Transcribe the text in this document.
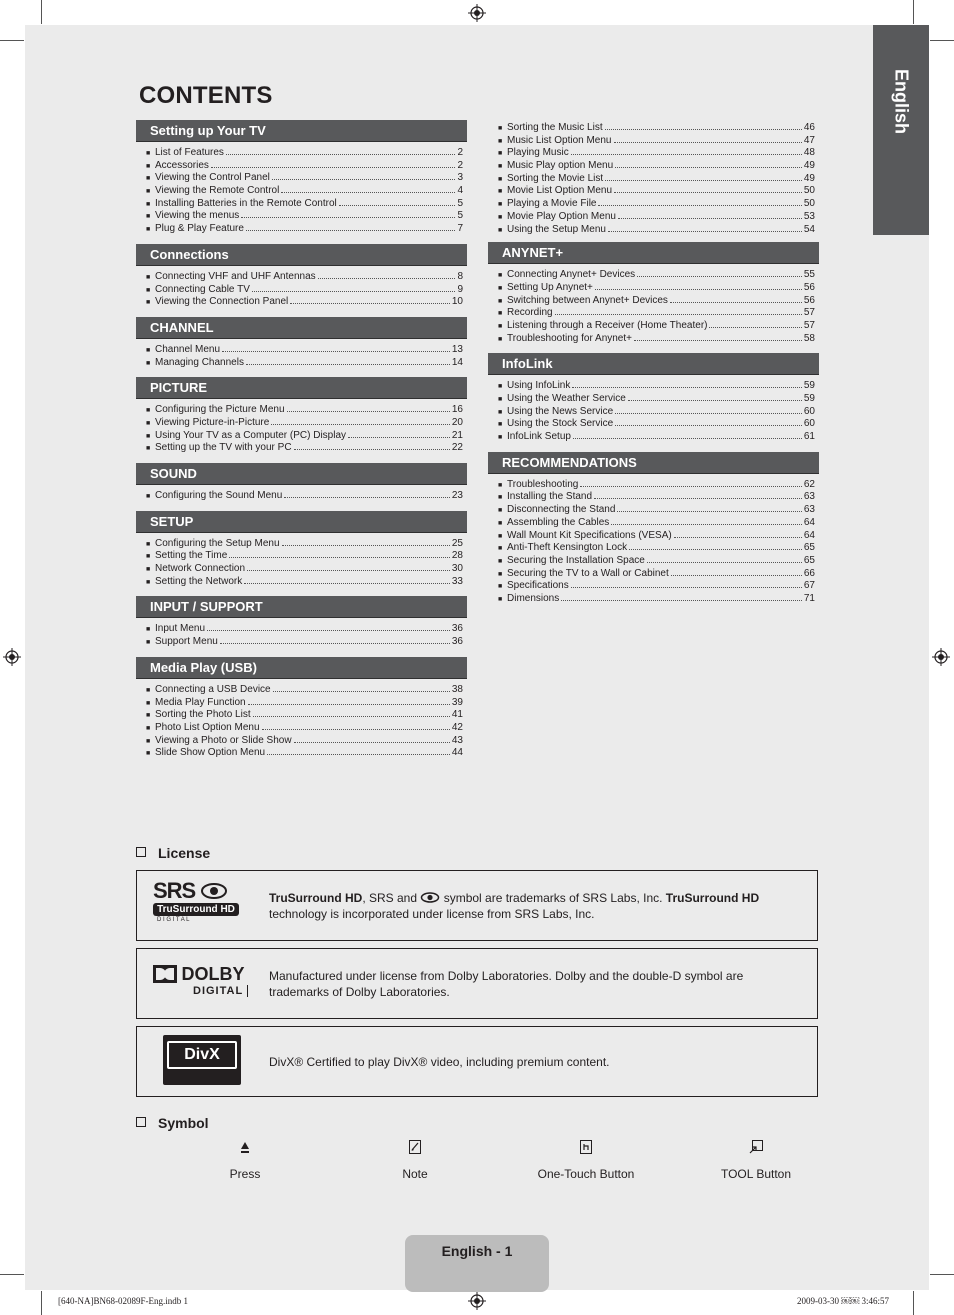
English
CONTENTS
Setting up Your TV
■ List of Features	2
■ Accessories	2
■ Viewing the Control Panel	3
■ Viewing the Remote Control	4
■ Installing Batteries in the Remote Control	5
■ Viewing the menus	5
■ Plug & Play Feature	7
Connections
■ Connecting VHF and UHF Antennas	8
■ Connecting Cable TV	9
■ Viewing the Connection Panel	10
CHANNEL
■ Channel Menu	13
■ Managing Channels	14
PICTURE
■ Configuring the Picture Menu	16
■ Viewing Picture-in-Picture	20
■ Using Your TV as a Computer (PC) Display	21
■ Setting up the TV with your PC	22
SOUND
■ Configuring the Sound Menu	23
SETUP
■ Configuring the Setup Menu	25
■ Setting the Time	28
■ Network Connection	30
■ Setting the Network	33
INPUT / SUPPORT
■ Input Menu	36
■ Support Menu	36
Media Play (USB)
■ Connecting a USB Device	38
■ Media Play Function	39
■ Sorting the Photo List	41
■ Photo List Option Menu	42
■ Viewing a Photo or Slide Show	43
■ Slide Show Option Menu	44
■ Sorting the Music List	46
■ Music List Option Menu	47
■ Playing Music	48
■ Music Play option Menu	49
■ Sorting the Movie List	49
■ Movie List Option Menu	50
■ Playing a Movie File	50
■ Movie Play Option Menu	53
■ Using the Setup Menu	54
ANYNET+
■ Connecting Anynet+ Devices	55
■ Setting Up Anynet+	56
■ Switching between Anynet+ Devices	56
■ Recording	57
■ Listening through a Receiver (Home Theater)	57
■ Troubleshooting for Anynet+	58
InfoLink
■ Using InfoLink	59
■ Using the Weather Service	59
■ Using the News Service	60
■ Using the Stock Service	60
■ InfoLink Setup	61
RECOMMENDATIONS
■ Troubleshooting	62
■ Installing the Stand	63
■ Disconnecting the Stand	63
■ Assembling the Cables	64
■ Wall Mount Kit Specifications (VESA)	64
■ Anti-Theft Kensington Lock	65
■ Securing the Installation Space	65
■ Securing the TV to a Wall or Cabinet	66
■ Specifications	67
■ Dimensions	71
License
SRS
TruSurround HD
D I G I T A L
TruSurround HD, SRS and  symbol are trademarks of SRS Labs, Inc. TruSurround HD technology is incorporated under license from SRS Labs, Inc.
DOLBY
DIGITAL
Manufactured under license from Dolby Laboratories. Dolby and the double-D symbol are trademarks of Dolby Laboratories.
DivX	DivX® Certified to play DivX® video, including premium content.
Symbol
Press	Note	One-Touch Button	TOOL Button
English - 1
[640-NA]BN68-02089F-Eng.indb 1	2009-03-30 ￼￼ 3:46:57
